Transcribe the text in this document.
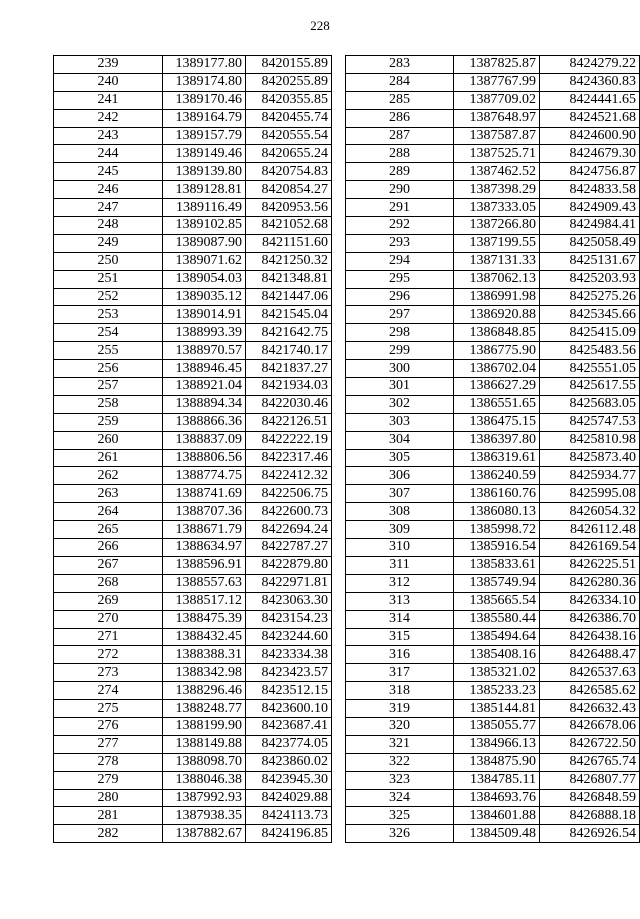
228
239	1389177.80	8420155.89
240	1389174.80	8420255.89
241	1389170.46	8420355.85
242	1389164.79	8420455.74
243	1389157.79	8420555.54
244	1389149.46	8420655.24
245	1389139.80	8420754.83
246	1389128.81	8420854.27
247	1389116.49	8420953.56
248	1389102.85	8421052.68
249	1389087.90	8421151.60
250	1389071.62	8421250.32
251	1389054.03	8421348.81
252	1389035.12	8421447.06
253	1389014.91	8421545.04
254	1388993.39	8421642.75
255	1388970.57	8421740.17
256	1388946.45	8421837.27
257	1388921.04	8421934.03
258	1388894.34	8422030.46
259	1388866.36	8422126.51
260	1388837.09	8422222.19
261	1388806.56	8422317.46
262	1388774.75	8422412.32
263	1388741.69	8422506.75
264	1388707.36	8422600.73
265	1388671.79	8422694.24
266	1388634.97	8422787.27
267	1388596.91	8422879.80
268	1388557.63	8422971.81
269	1388517.12	8423063.30
270	1388475.39	8423154.23
271	1388432.45	8423244.60
272	1388388.31	8423334.38
273	1388342.98	8423423.57
274	1388296.46	8423512.15
275	1388248.77	8423600.10
276	1388199.90	8423687.41
277	1388149.88	8423774.05
278	1388098.70	8423860.02
279	1388046.38	8423945.30
280	1387992.93	8424029.88
281	1387938.35	8424113.73
282	1387882.67	8424196.85
283	1387825.87	8424279.22
284	1387767.99	8424360.83
285	1387709.02	8424441.65
286	1387648.97	8424521.68
287	1387587.87	8424600.90
288	1387525.71	8424679.30
289	1387462.52	8424756.87
290	1387398.29	8424833.58
291	1387333.05	8424909.43
292	1387266.80	8424984.41
293	1387199.55	8425058.49
294	1387131.33	8425131.67
295	1387062.13	8425203.93
296	1386991.98	8425275.26
297	1386920.88	8425345.66
298	1386848.85	8425415.09
299	1386775.90	8425483.56
300	1386702.04	8425551.05
301	1386627.29	8425617.55
302	1386551.65	8425683.05
303	1386475.15	8425747.53
304	1386397.80	8425810.98
305	1386319.61	8425873.40
306	1386240.59	8425934.77
307	1386160.76	8425995.08
308	1386080.13	8426054.32
309	1385998.72	8426112.48
310	1385916.54	8426169.54
311	1385833.61	8426225.51
312	1385749.94	8426280.36
313	1385665.54	8426334.10
314	1385580.44	8426386.70
315	1385494.64	8426438.16
316	1385408.16	8426488.47
317	1385321.02	8426537.63
318	1385233.23	8426585.62
319	1385144.81	8426632.43
320	1385055.77	8426678.06
321	1384966.13	8426722.50
322	1384875.90	8426765.74
323	1384785.11	8426807.77
324	1384693.76	8426848.59
325	1384601.88	8426888.18
326	1384509.48	8426926.54
